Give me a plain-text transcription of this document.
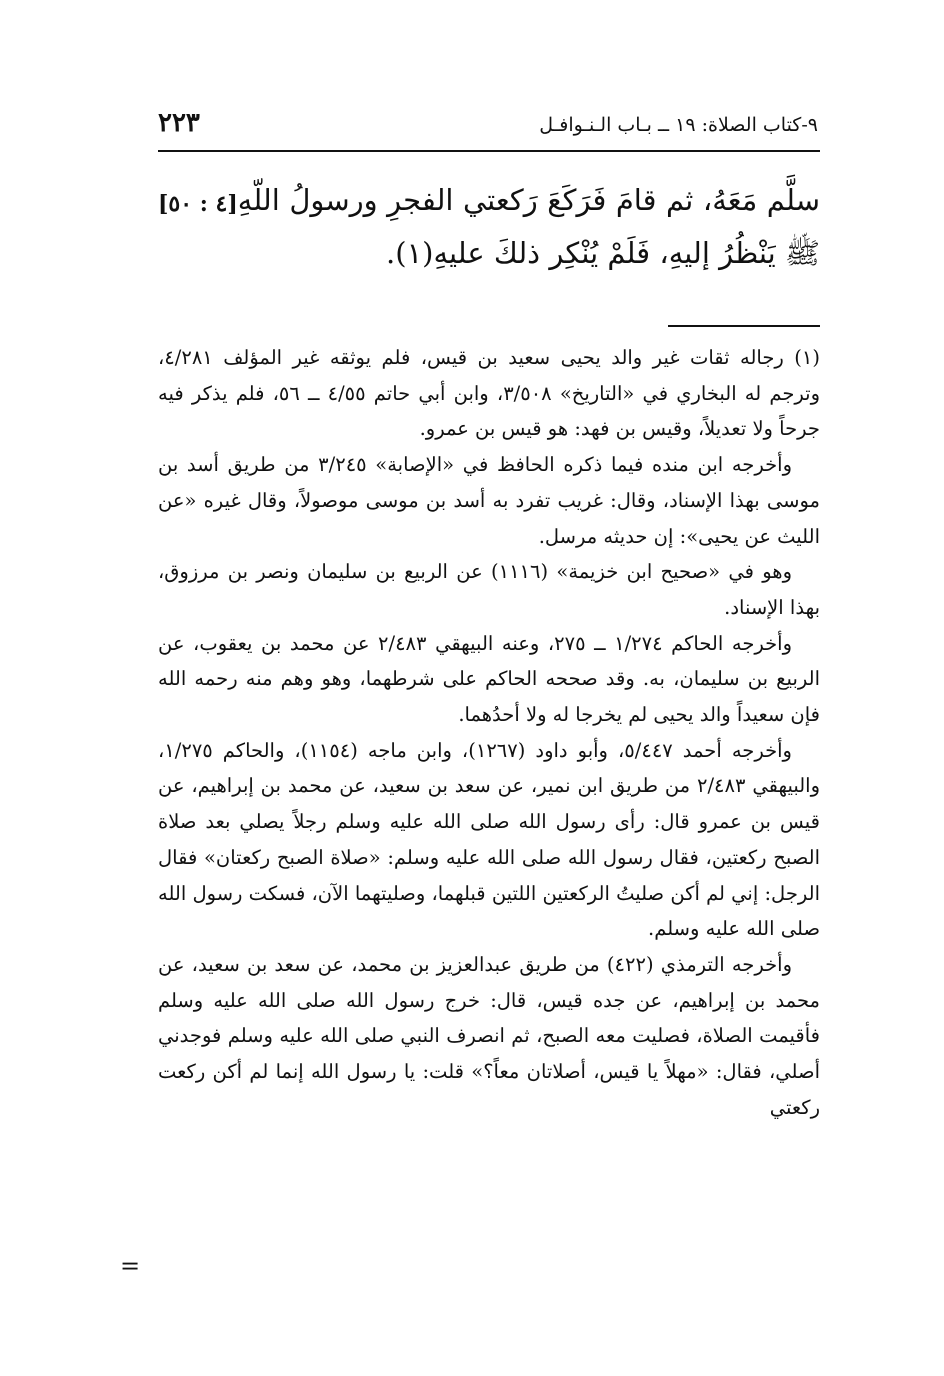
٩-كتاب الصلاة: ١٩ ــ بـاب الـنـوافـل
٢٢٣
[٤ : ٥٠] سلَّم مَعَهُ، ثم قامَ فَرَكَعَ رَكعتي الفجرِ ورسولُ اللّهِ ﷺ يَنْظُرُ إليهِ، فَلَمْ يُنْكِر ذلكَ عليهِ(١).

(١) رجاله ثقات غير والد يحيى سعيد بن قيس، فلم يوثقه غير المؤلف ٤/٢٨١، وترجم له البخاري في «التاريخ» ٣/٥٠٨، وابن أبي حاتم ٤/٥٥ ــ ٥٦، فلم يذكر فيه جرحاً ولا تعديلاً، وقيس بن فهد: هو قيس بن عمرو.

وأخرجه ابن منده فيما ذكره الحافظ في «الإصابة» ٣/٢٤٥ من طريق أسد بن موسى بهذا الإسناد، وقال: غريب تفرد به أسد بن موسى موصولاً، وقال غيره «عن الليث عن يحيى»: إن حديثه مرسل.

وهو في «صحيح ابن خزيمة» (١١١٦) عن الربيع بن سليمان ونصر بن مرزوق، بهذا الإسناد.

وأخرجه الحاكم ١/٢٧٤ ــ ٢٧٥، وعنه البيهقي ٢/٤٨٣ عن محمد بن يعقوب، عن الربيع بن سليمان، به. وقد صححه الحاكم على شرطهما، وهو وهم منه رحمه الله فإن سعيداً والد يحيى لم يخرجا له ولا أحدُهما.

وأخرجه أحمد ٥/٤٤٧، وأبو داود (١٢٦٧)، وابن ماجه (١١٥٤)، والحاكم ١/٢٧٥، والبيهقي ٢/٤٨٣ من طريق ابن نمير، عن سعد بن سعيد، عن محمد بن إبراهيم، عن قيس بن عمرو قال: رأى رسول الله صلى الله عليه وسلم رجلاً يصلي بعد صلاة الصبح ركعتين، فقال رسول الله صلى الله عليه وسلم: «صلاة الصبح ركعتان» فقال الرجل: إني لم أكن صليتُ الركعتين اللتين قبلهما، وصليتهما الآن، فسكت رسول الله صلى الله عليه وسلم.

وأخرجه الترمذي (٤٢٢) من طريق عبدالعزيز بن محمد، عن سعد بن سعيد، عن محمد بن إبراهيم، عن جده قيس، قال: خرج رسول الله صلى الله عليه وسلم فأقيمت الصلاة، فصليت معه الصبح، ثم انصرف النبي صلى الله عليه وسلم فوجدني أصلي، فقال: «مهلاً يا قيس، أصلاتان معاً؟» قلت: يا رسول الله إنما لم أكن ركعت ركعتي

=
